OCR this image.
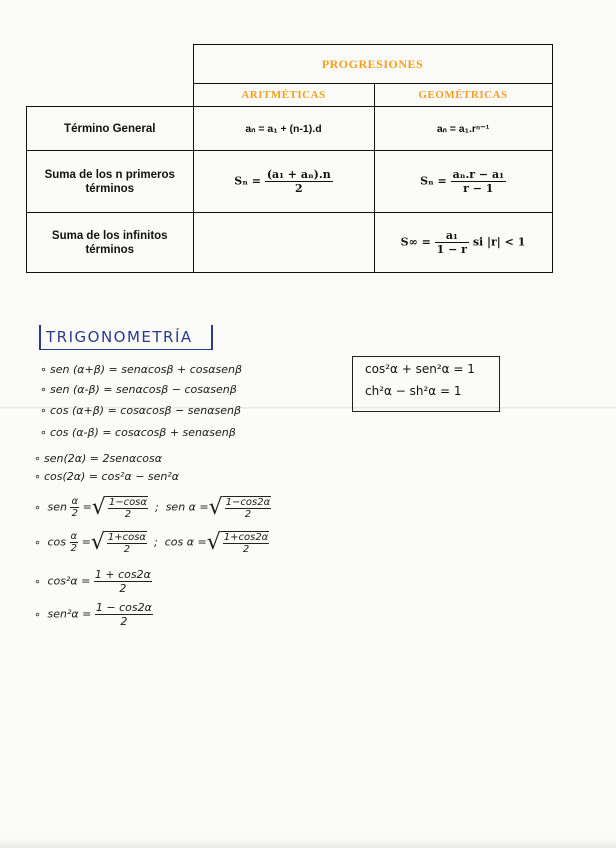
	PROGRESIONES	
	ARITMÉTICAS	GEOMÉTRICAS
Término General	aₙ = a₁ + (n-1).d	aₙ = a₁.rⁿ⁻¹
Suma de los n primeros
términos	$S_n = \frac{\text{(a₁ + aₙ).n}}{2}$	$S_n = \frac{\text{aₙ.r − a₁}}{r - 1}$

Suma de los infinitos
términos		$S\infty = \frac{\text{a₁}}{1 - r}$ si |r| < 1
TRIGONOMETRÍA
∘ sen (α+β) = senαcosβ + cosαsenβ
∘ sen (α-β) = senαcosβ − cosαsenβ
∘ cos (α+β) = cosαcosβ − senαsenβ
∘ cos (α-β) = cosαcosβ + senαsenβ
cos²α + sen²α = 1
ch²α − sh²α = 1
∘ sen(2α) = 2senαcosα
∘ cos(2α) = cos²α − sen²α
∘ sen $\frac{\alpha}{2}$ =√ $\frac{1-\cos\alpha}{2}$ ;  sen α =√ $\frac{1-\cos 2\alpha}{2}$
∘ $\cos \frac{\alpha}{2}$ =√ $\frac{1+\cos\alpha}{2}$ ;  cos α =√ $\frac{1+\cos 2\alpha}{2}$
∘ $\cos^2\alpha = \frac{1 + \cos 2\alpha}{2}$
∘ $sen^2\alpha = \frac{1 - \cos 2\alpha}{2}$
